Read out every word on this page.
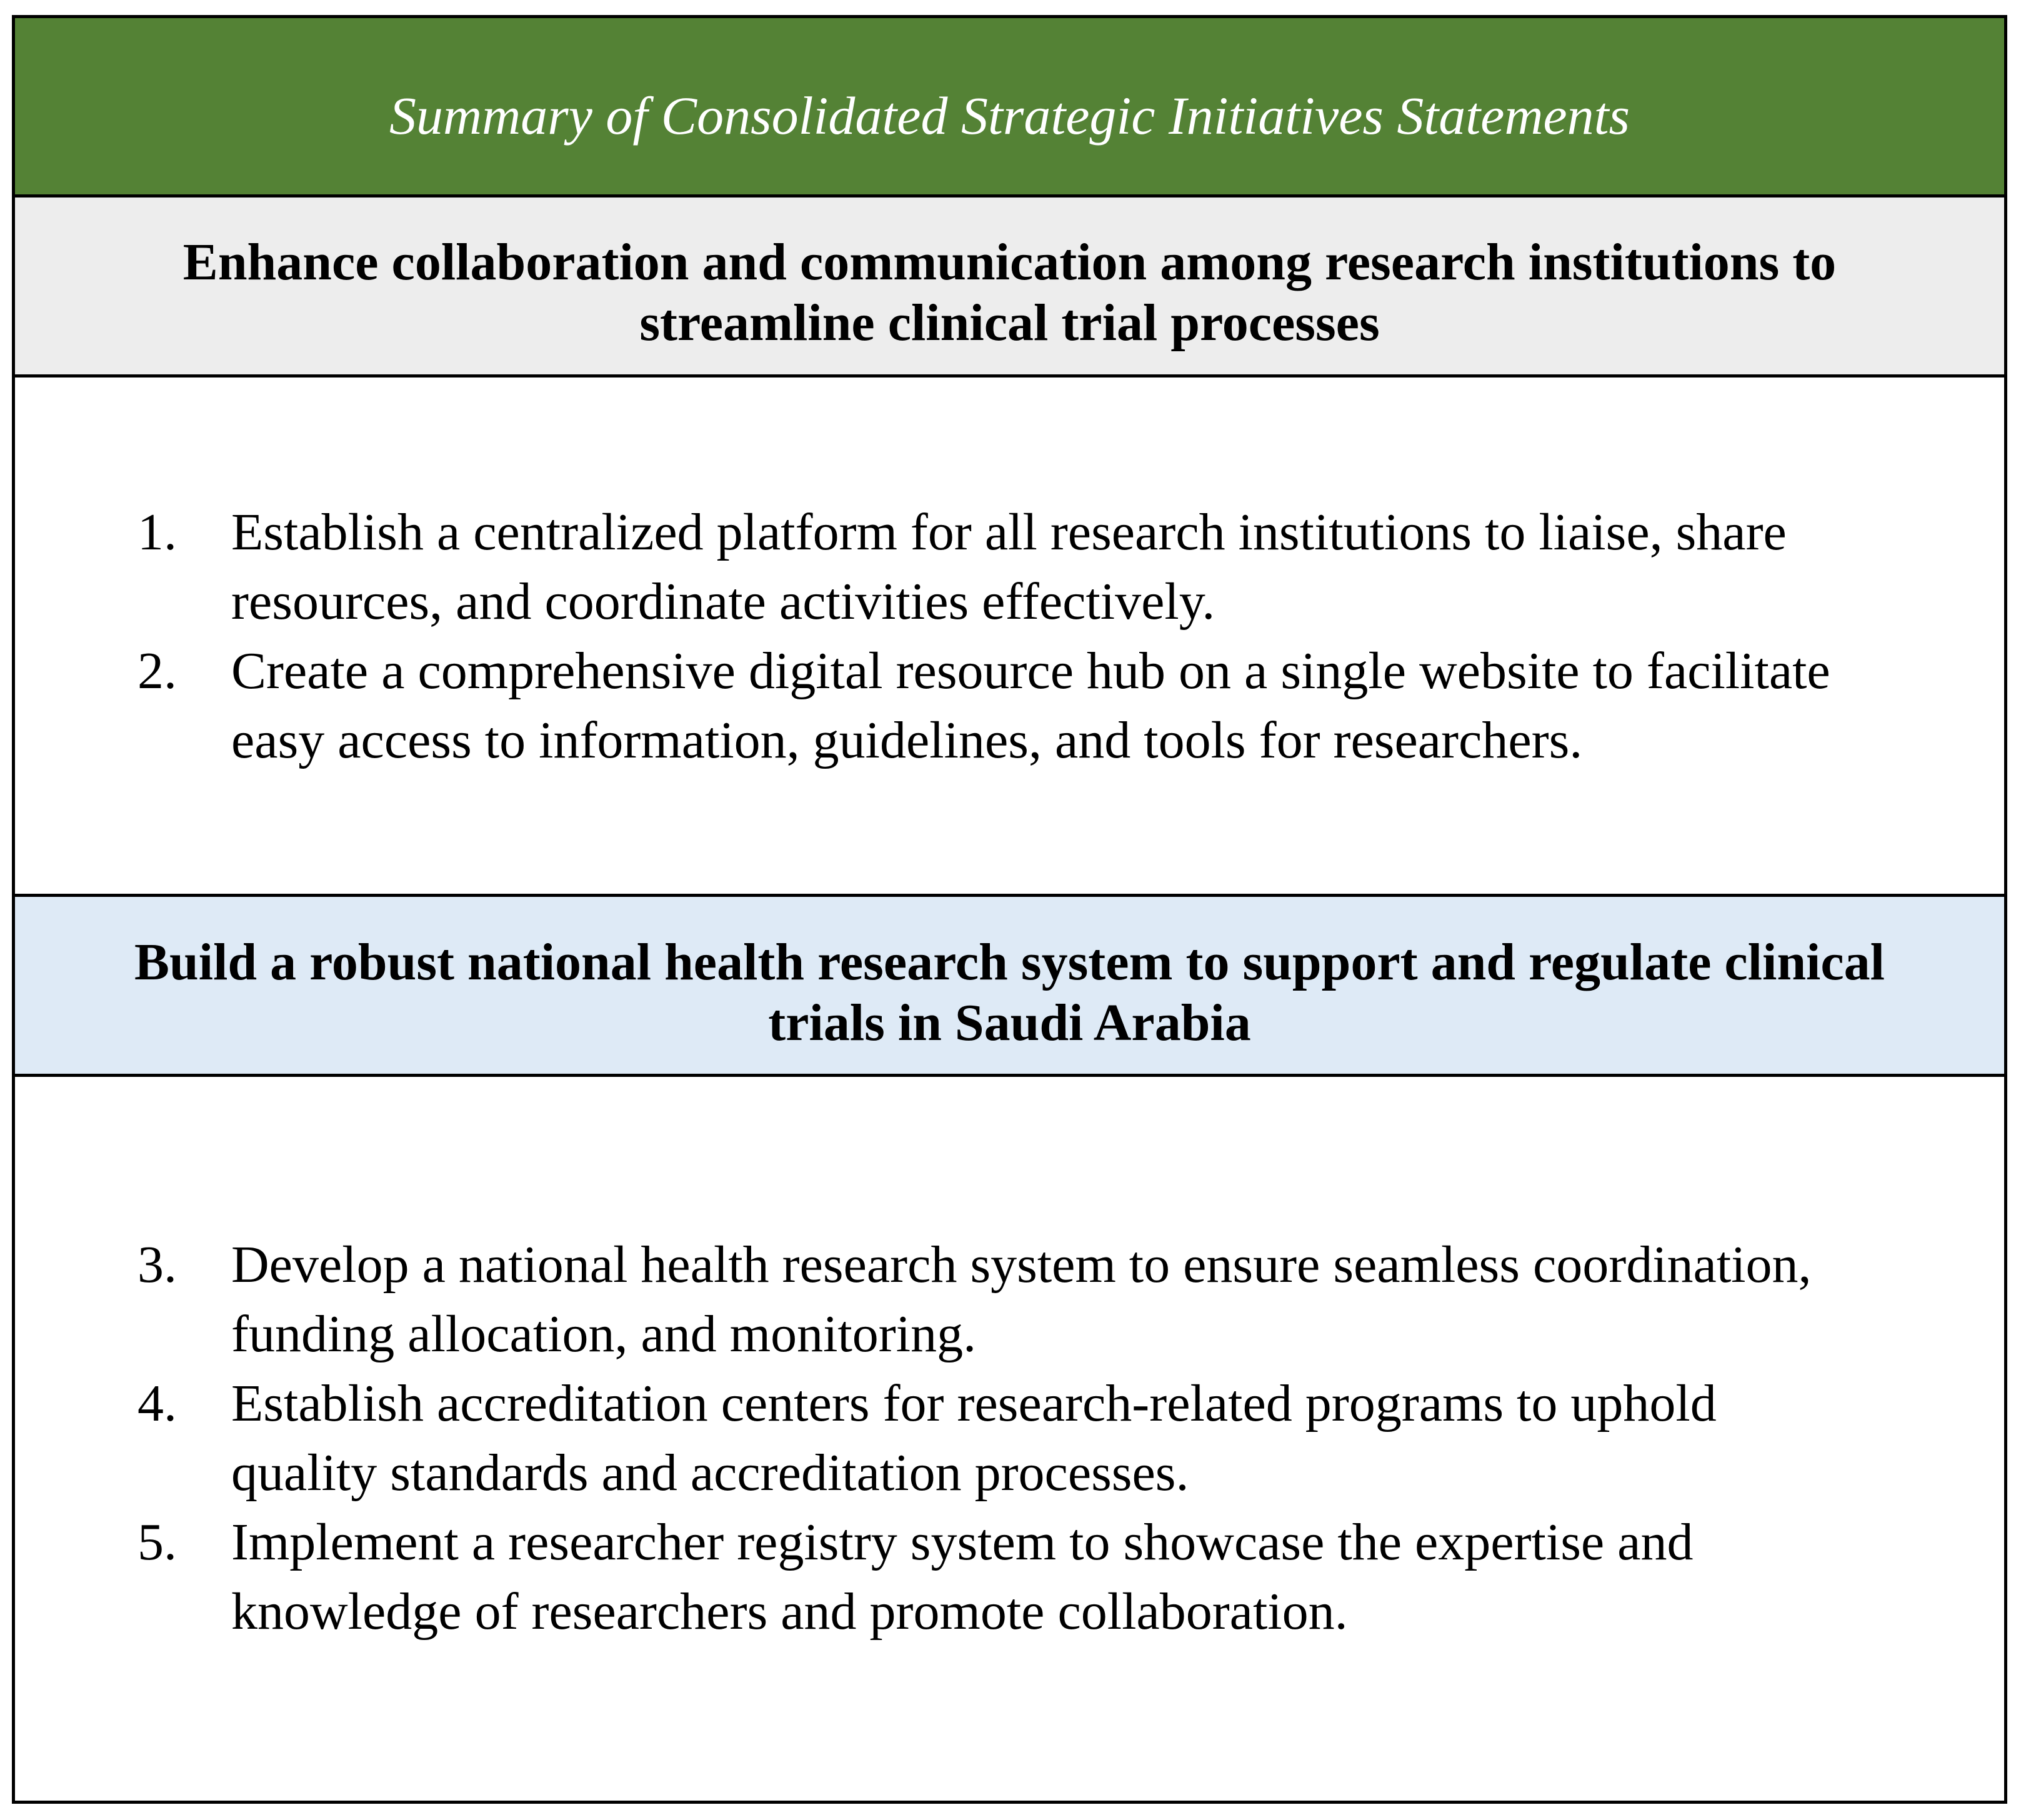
Summary of Consolidated Strategic Initiatives Statements
Enhance collaboration and communication among research institutions to
streamline clinical trial processes
1. Establish a centralized platform for all research institutions to liaise, share
resources, and coordinate activities effectively.
2. Create a comprehensive digital resource hub on a single website to facilitate
easy access to information, guidelines, and tools for researchers.
Build a robust national health research system to support and regulate clinical
trials in Saudi Arabia
3. Develop a national health research system to ensure seamless coordination,
funding allocation, and monitoring.
4. Establish accreditation centers for research-related programs to uphold
quality standards and accreditation processes.
5. Implement a researcher registry system to showcase the expertise and
knowledge of researchers and promote collaboration.
